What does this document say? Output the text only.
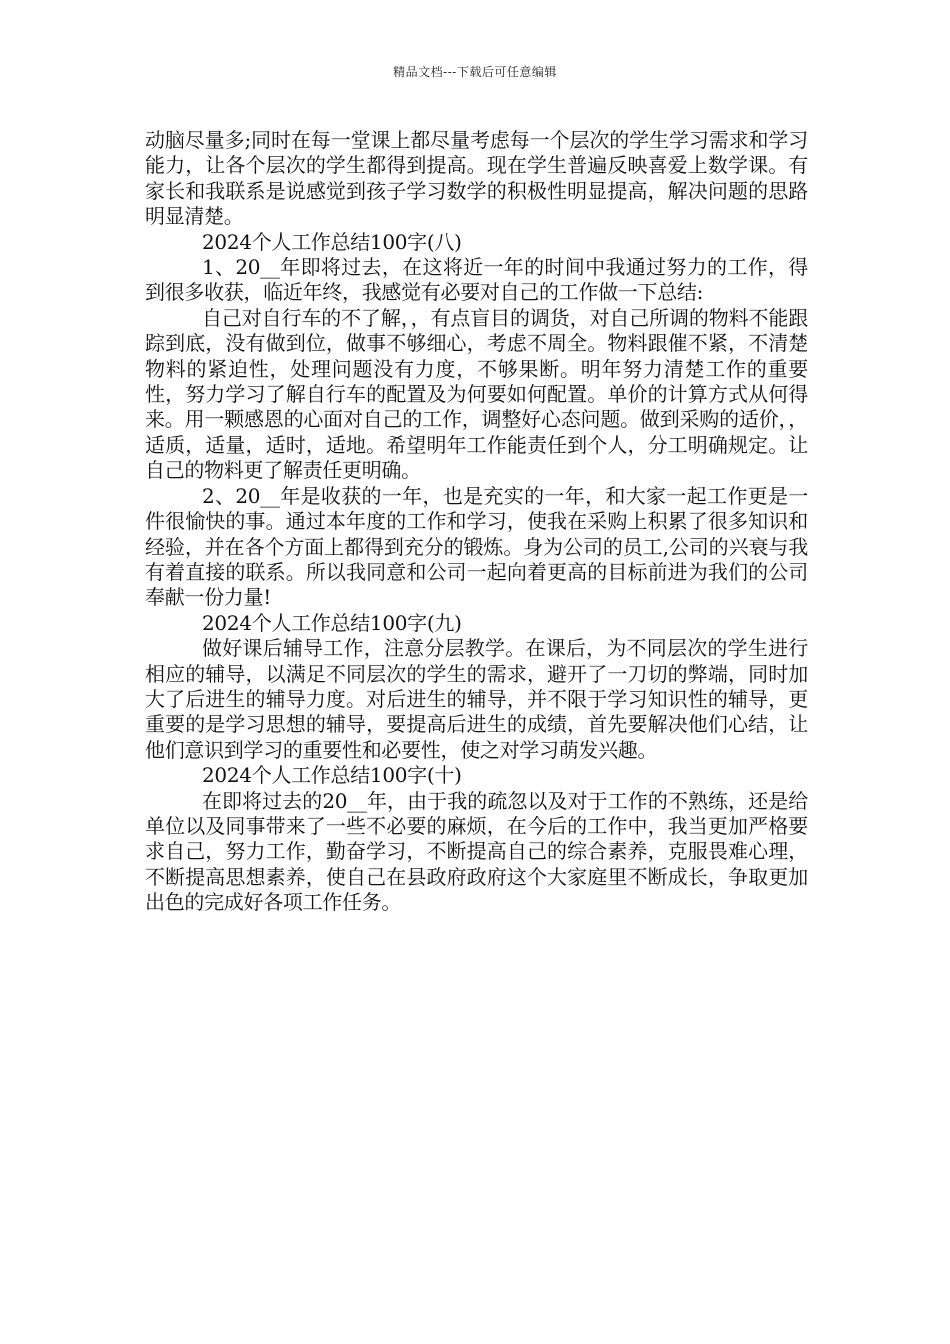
精品文档---下载后可任意编辑

动脑尽量多;同时在每一堂课上都尽量考虑每一个层次的学生学习需求和学习能力，让各个层次的学生都得到提高。现在学生普遍反映喜爱上数学课。有家长和我联系是说感觉到孩子学习数学的积极性明显提高，解决问题的思路明显清楚。

2024个人工作总结100字(八)

1、20__年即将过去，在这将近一年的时间中我通过努力的工作，得到很多收获，临近年终，我感觉有必要对自己的工作做一下总结:

自己对自行车的不了解，，有点盲目的调货，对自己所调的物料不能跟踪到底，没有做到位，做事不够细心，考虑不周全。物料跟催不紧，不清楚物料的紧迫性，处理问题没有力度，不够果断。明年努力清楚工作的重要性，努力学习了解自行车的配置及为何要如何配置。单价的计算方式从何得来。用一颗感恩的心面对自己的工作，调整好心态问题。做到采购的适价，，适质，适量，适时，适地。希望明年工作能责任到个人，分工明确规定。让自己的物料更了解责任更明确。

2、20__年是收获的一年，也是充实的一年，和大家一起工作更是一件很愉快的事。通过本年度的工作和学习，使我在采购上积累了很多知识和经验，并在各个方面上都得到充分的锻炼。身为公司的员工,公司的兴衰与我有着直接的联系。所以我同意和公司一起向着更高的目标前进为我们的公司奉献一份力量!

2024个人工作总结100字(九)

做好课后辅导工作，注意分层教学。在课后，为不同层次的学生进行相应的辅导，以满足不同层次的学生的需求，避开了一刀切的弊端，同时加大了后进生的辅导力度。对后进生的辅导，并不限于学习知识性的辅导，更重要的是学习思想的辅导，要提高后进生的成绩，首先要解决他们心结，让他们意识到学习的重要性和必要性，使之对学习萌发兴趣。

2024个人工作总结100字(十)

在即将过去的20__年，由于我的疏忽以及对于工作的不熟练，还是给单位以及同事带来了一些不必要的麻烦，在今后的工作中，我当更加严格要求自己，努力工作，勤奋学习，不断提高自己的综合素养，克服畏难心理，不断提高思想素养，使自己在县政府政府这个大家庭里不断成长，争取更加出色的完成好各项工作任务。
